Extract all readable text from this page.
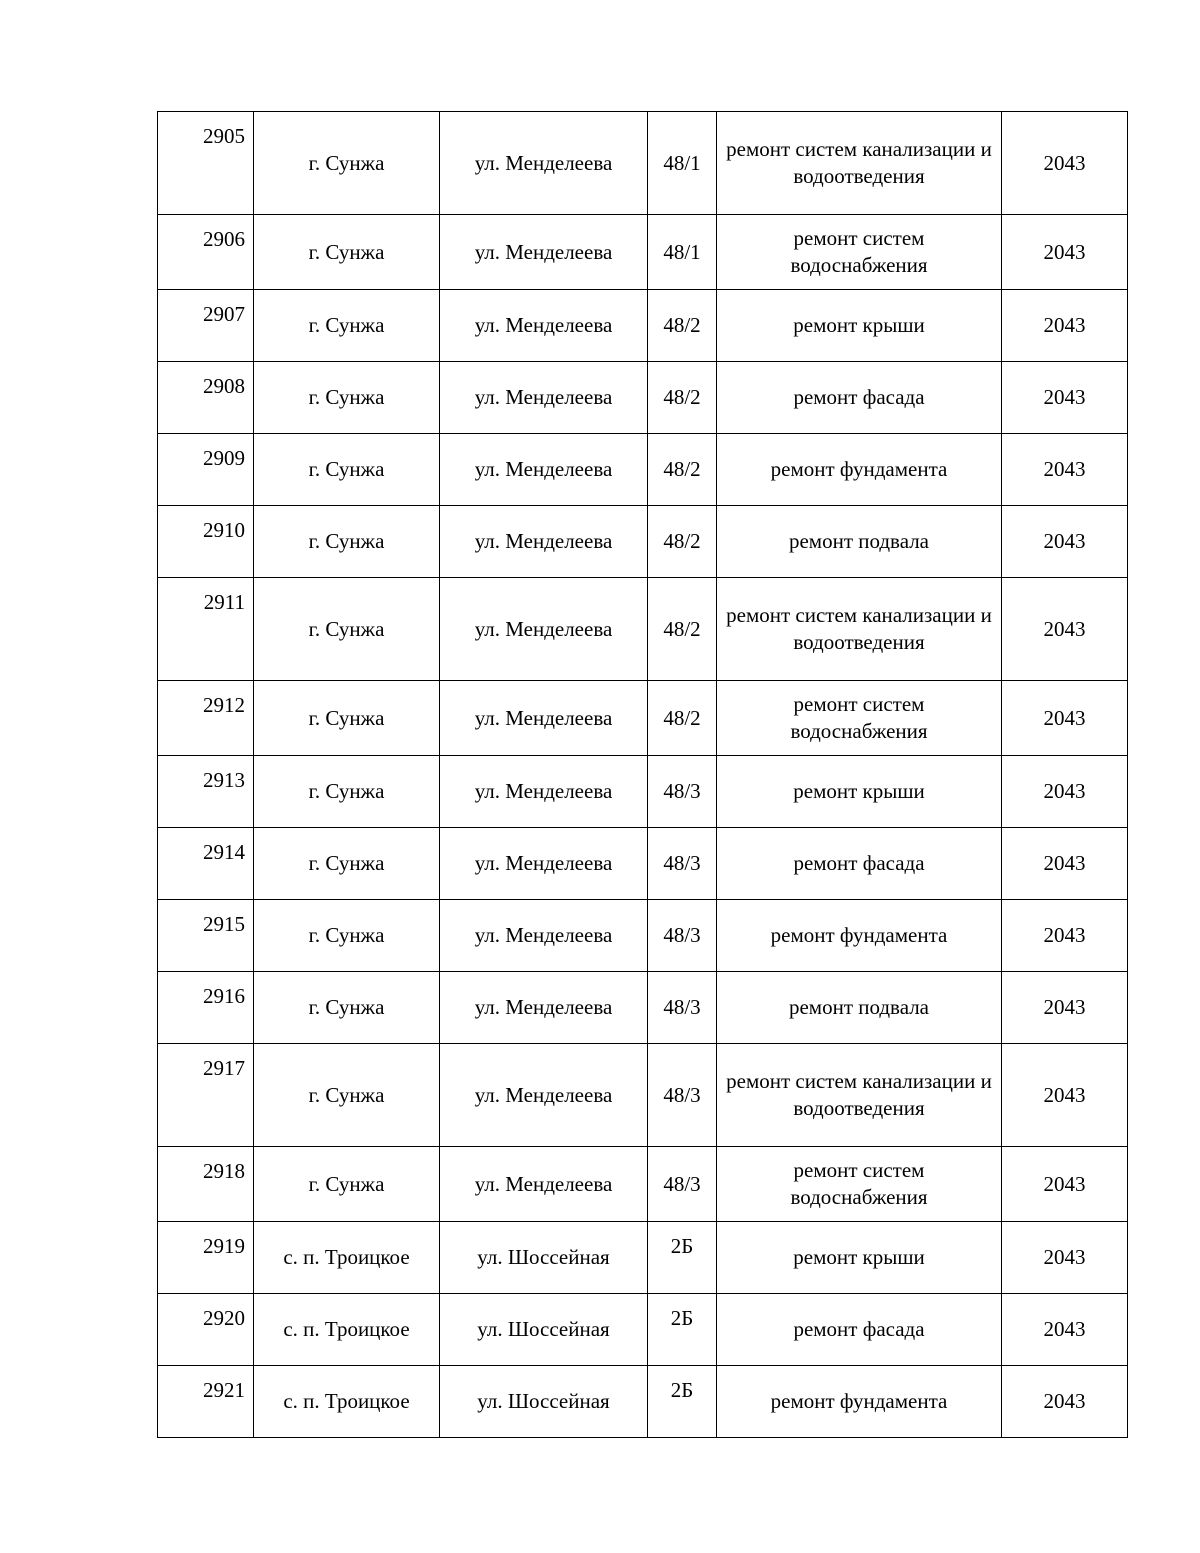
2905	г. Сунжа	ул. Менделеева	48/1	ремонт систем канализации и водоотведения	2043
2906	г. Сунжа	ул. Менделеева	48/1	ремонт систем водоснабжения	2043
2907	г. Сунжа	ул. Менделеева	48/2	ремонт крыши	2043
2908	г. Сунжа	ул. Менделеева	48/2	ремонт фасада	2043
2909	г. Сунжа	ул. Менделеева	48/2	ремонт фундамента	2043
2910	г. Сунжа	ул. Менделеева	48/2	ремонт подвала	2043
2911	г. Сунжа	ул. Менделеева	48/2	ремонт систем канализации и водоотведения	2043
2912	г. Сунжа	ул. Менделеева	48/2	ремонт систем водоснабжения	2043
2913	г. Сунжа	ул. Менделеева	48/3	ремонт крыши	2043
2914	г. Сунжа	ул. Менделеева	48/3	ремонт фасада	2043
2915	г. Сунжа	ул. Менделеева	48/3	ремонт фундамента	2043
2916	г. Сунжа	ул. Менделеева	48/3	ремонт подвала	2043
2917	г. Сунжа	ул. Менделеева	48/3	ремонт систем канализации и водоотведения	2043
2918	г. Сунжа	ул. Менделеева	48/3	ремонт систем водоснабжения	2043
2919	с. п. Троицкое	ул. Шоссейная	2Б	ремонт крыши	2043
2920	с. п. Троицкое	ул. Шоссейная	2Б	ремонт фасада	2043
2921	с. п. Троицкое	ул. Шоссейная	2Б	ремонт фундамента	2043
